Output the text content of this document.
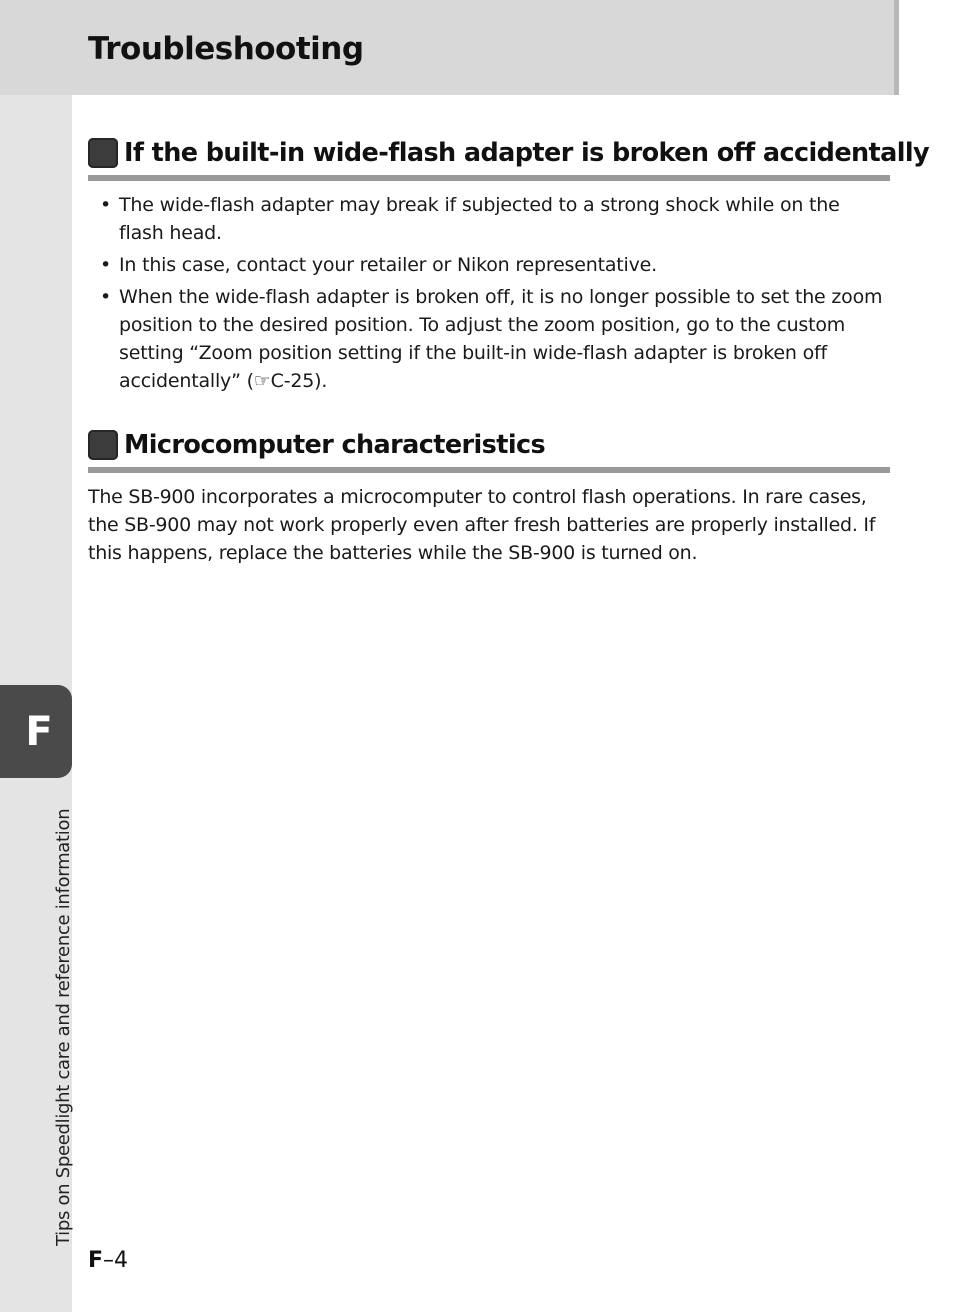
Troubleshooting
F
Tips on Speedlight care and reference information
If the built-in wide-flash adapter is broken off accidentally
• The wide-flash adapter may break if subjected to a strong shock while on the flash head.
• In this case, contact your retailer or Nikon representative.
• When the wide-flash adapter is broken off, it is no longer possible to set the zoom position to the desired position. To adjust the zoom position, go to the custom setting “Zoom position setting if the built-in wide-flash adapter is broken off accidentally” (☞C-25).
Microcomputer characteristics

The SB-900 incorporates a microcomputer to control flash operations. In rare cases, the SB-900 may not work properly even after fresh batteries are properly installed. If this happens, replace the batteries while the SB-900 is turned on.

F–4
